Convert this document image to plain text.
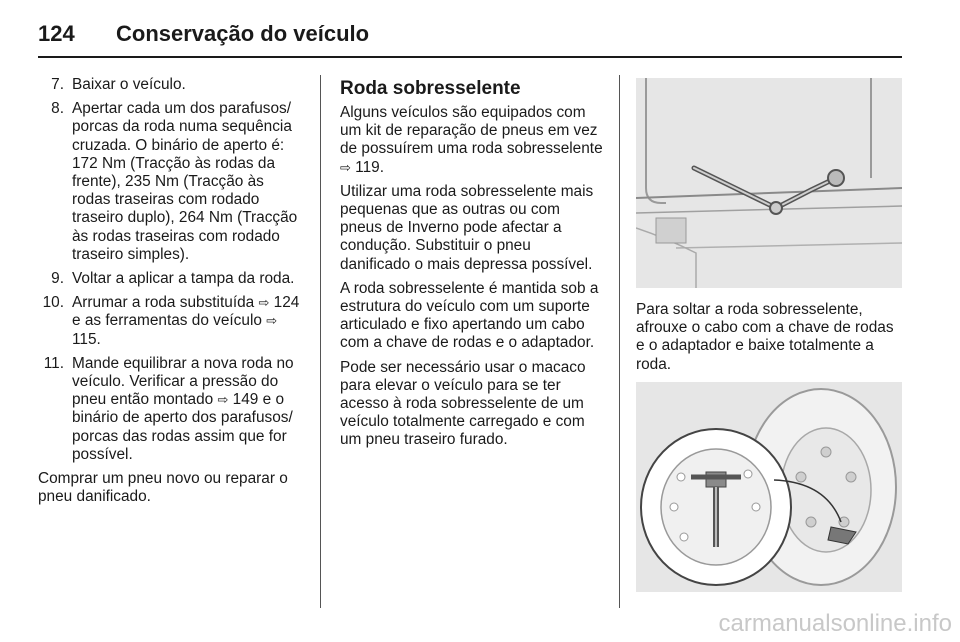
124	Conservação do veículo
7. Baixar o veículo.
8. Apertar cada um dos parafusos/ porcas da roda numa sequência cruzada. O binário de aperto é: 172 Nm (Tracção às rodas da frente), 235 Nm (Tracção às rodas traseiras com rodado traseiro duplo), 264 Nm (Tracção às rodas traseiras com rodado traseiro simples).
9. Voltar a aplicar a tampa da roda.
10. Arrumar a roda substituída ⇨ 124 e as ferramentas do veículo ⇨ 115.
11. Mande equilibrar a nova roda no veículo. Verificar a pressão do pneu então montado ⇨ 149 e o binário de aperto dos parafusos/ porcas das rodas assim que for possível.

Comprar um pneu novo ou reparar o pneu danificado.

Roda sobresselente

Alguns veículos são equipados com um kit de reparação de pneus em vez de possuírem uma roda sobresselente ⇨ 119.

Utilizar uma roda sobresselente mais pequenas que as outras ou com pneus de Inverno pode afectar a condução. Substituir o pneu danificado o mais depressa possível.

A roda sobresselente é mantida sob a estrutura do veículo com um suporte articulado e fixo apertando um cabo com a chave de rodas e o adaptador.

Pode ser necessário usar o macaco para elevar o veículo para se ter acesso à roda sobresselente de um veículo totalmente carregado e com um pneu traseiro furado.

Para soltar a roda sobresselente, afrouxe o cabo com a chave de rodas e o adaptador e baixe totalmente a roda.

carmanualsonline.info
